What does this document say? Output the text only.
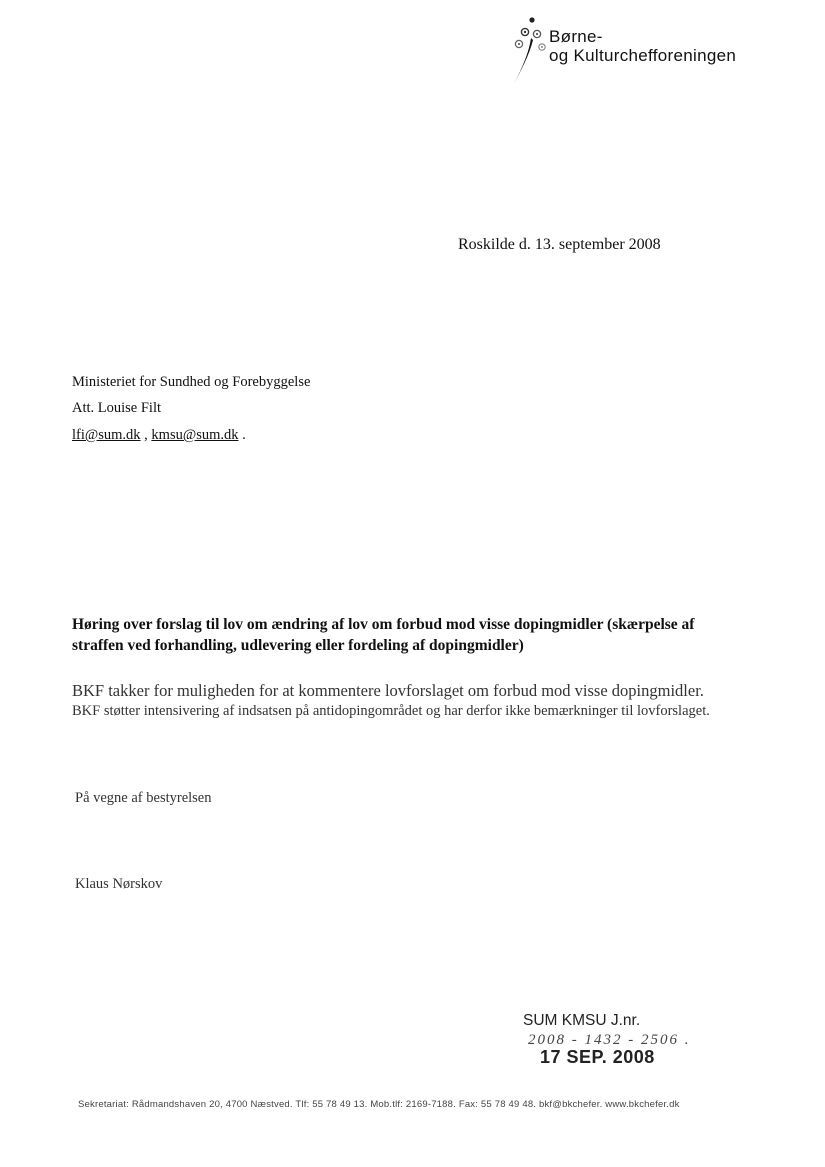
Børne-
og Kulturchefforeningen
Roskilde d. 13. september 2008
Ministeriet for Sundhed og Forebyggelse
Att. Louise Filt
lfi@sum.dk , kmsu@sum.dk .
Høring over forslag til lov om ændring af lov om forbud mod visse dopingmidler (skærpelse af straffen ved forhandling, udlevering eller fordeling af dopingmidler)
BKF takker for muligheden for at kommentere lovforslaget om forbud mod visse dopingmidler.
BKF støtter intensivering af indsatsen på antidopingområdet og har derfor ikke bemærkninger til lovforslaget.
På vegne af bestyrelsen
Klaus Nørskov
SUM KMSU J.nr.
2008 - 1432 - 2506 .
17 SEP. 2008
Sekretariat: Rådmandshaven 20, 4700 Næstved. Tlf: 55 78 49 13. Mob.tlf: 2169-7188. Fax: 55 78 49 48. bkf@bkchefer. www.bkchefer.dk
